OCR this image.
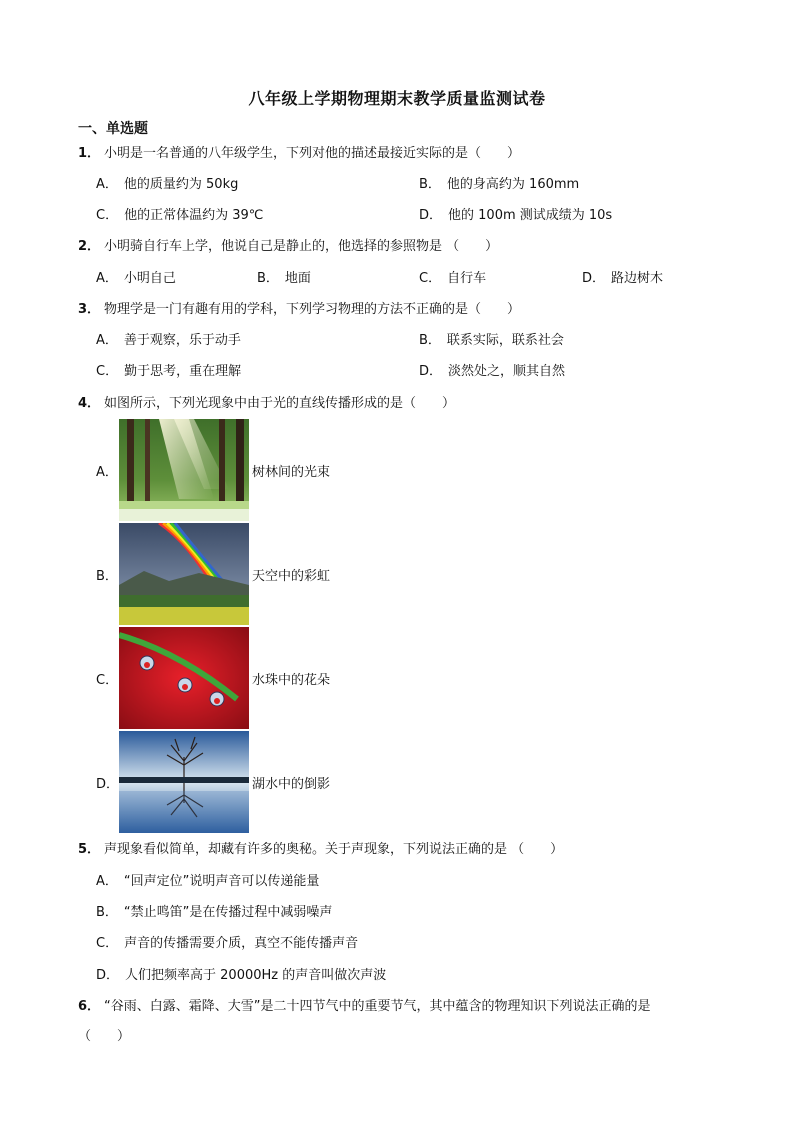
八年级上学期物理期末教学质量监测试卷
一、单选题
1． 小明是一名普通的八年级学生，下列对他的描述最接近实际的是（　　）
A． 他的质量约为 50kg	B． 他的身高约为 160mm
C． 他的正常体温约为 39℃	D． 他的 100m 测试成绩为 10s
2． 小明骑自行车上学，他说自己是静止的，他选择的参照物是 （　　）
A． 小明自己	B． 地面	C． 自行车	D． 路边树木
3． 物理学是一门有趣有用的学科，下列学习物理的方法不正确的是（　　）
A． 善于观察，乐于动手	B． 联系实际，联系社会
C． 勤于思考，重在理解	D． 淡然处之，顺其自然
4． 如图所示，下列光现象中由于光的直线传播形成的是（　　）
A．	树林间的光束
B．	天空中的彩虹
C．	水珠中的花朵
D．	湖水中的倒影
5． 声现象看似简单，却藏有许多的奥秘。关于声现象，下列说法正确的是 （　　）
A． “回声定位”说明声音可以传递能量
B． “禁止鸣笛”是在传播过程中减弱噪声
C． 声音的传播需要介质，真空不能传播声音
D． 人们把频率高于 20000Hz 的声音叫做次声波
6． “谷雨、白露、霜降、大雪”是二十四节气中的重要节气，其中蕴含的物理知识下列说法正确的是
（　　）
